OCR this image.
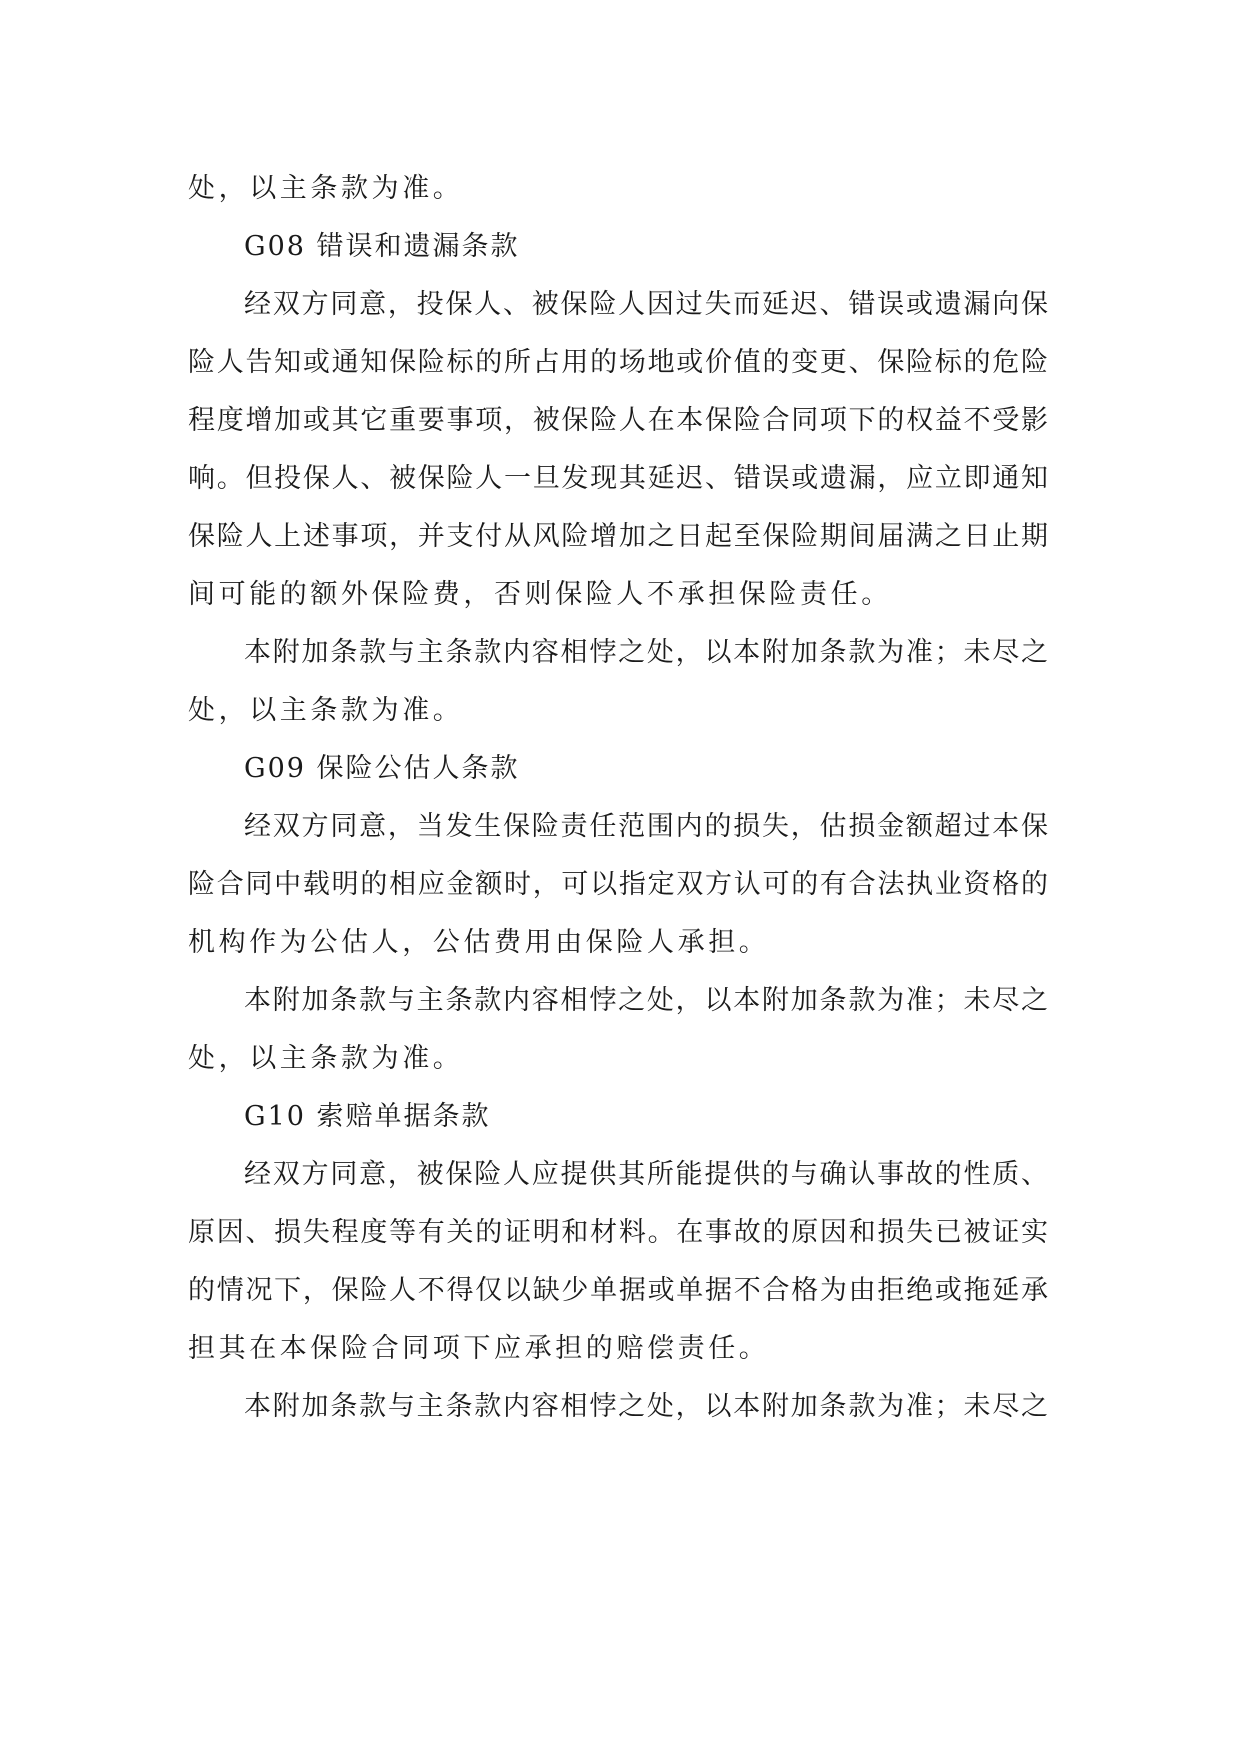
处，以主条款为准。
G08 错误和遗漏条款
经双方同意，投保人、被保险人因过失而延迟、错误或遗漏向保
险人告知或通知保险标的所占用的场地或价值的变更、保险标的危险
程度增加或其它重要事项，被保险人在本保险合同项下的权益不受影
响。但投保人、被保险人一旦发现其延迟、错误或遗漏，应立即通知
保险人上述事项，并支付从风险增加之日起至保险期间届满之日止期
间可能的额外保险费，否则保险人不承担保险责任。
本附加条款与主条款内容相悖之处，以本附加条款为准；未尽之
处，以主条款为准。
G09 保险公估人条款
经双方同意，当发生保险责任范围内的损失，估损金额超过本保
险合同中载明的相应金额时，可以指定双方认可的有合法执业资格的
机构作为公估人，公估费用由保险人承担。
本附加条款与主条款内容相悖之处，以本附加条款为准；未尽之
处，以主条款为准。
G10 索赔单据条款
经双方同意，被保险人应提供其所能提供的与确认事故的性质、
原因、损失程度等有关的证明和材料。在事故的原因和损失已被证实
的情况下，保险人不得仅以缺少单据或单据不合格为由拒绝或拖延承
担其在本保险合同项下应承担的赔偿责任。
本附加条款与主条款内容相悖之处，以本附加条款为准；未尽之
